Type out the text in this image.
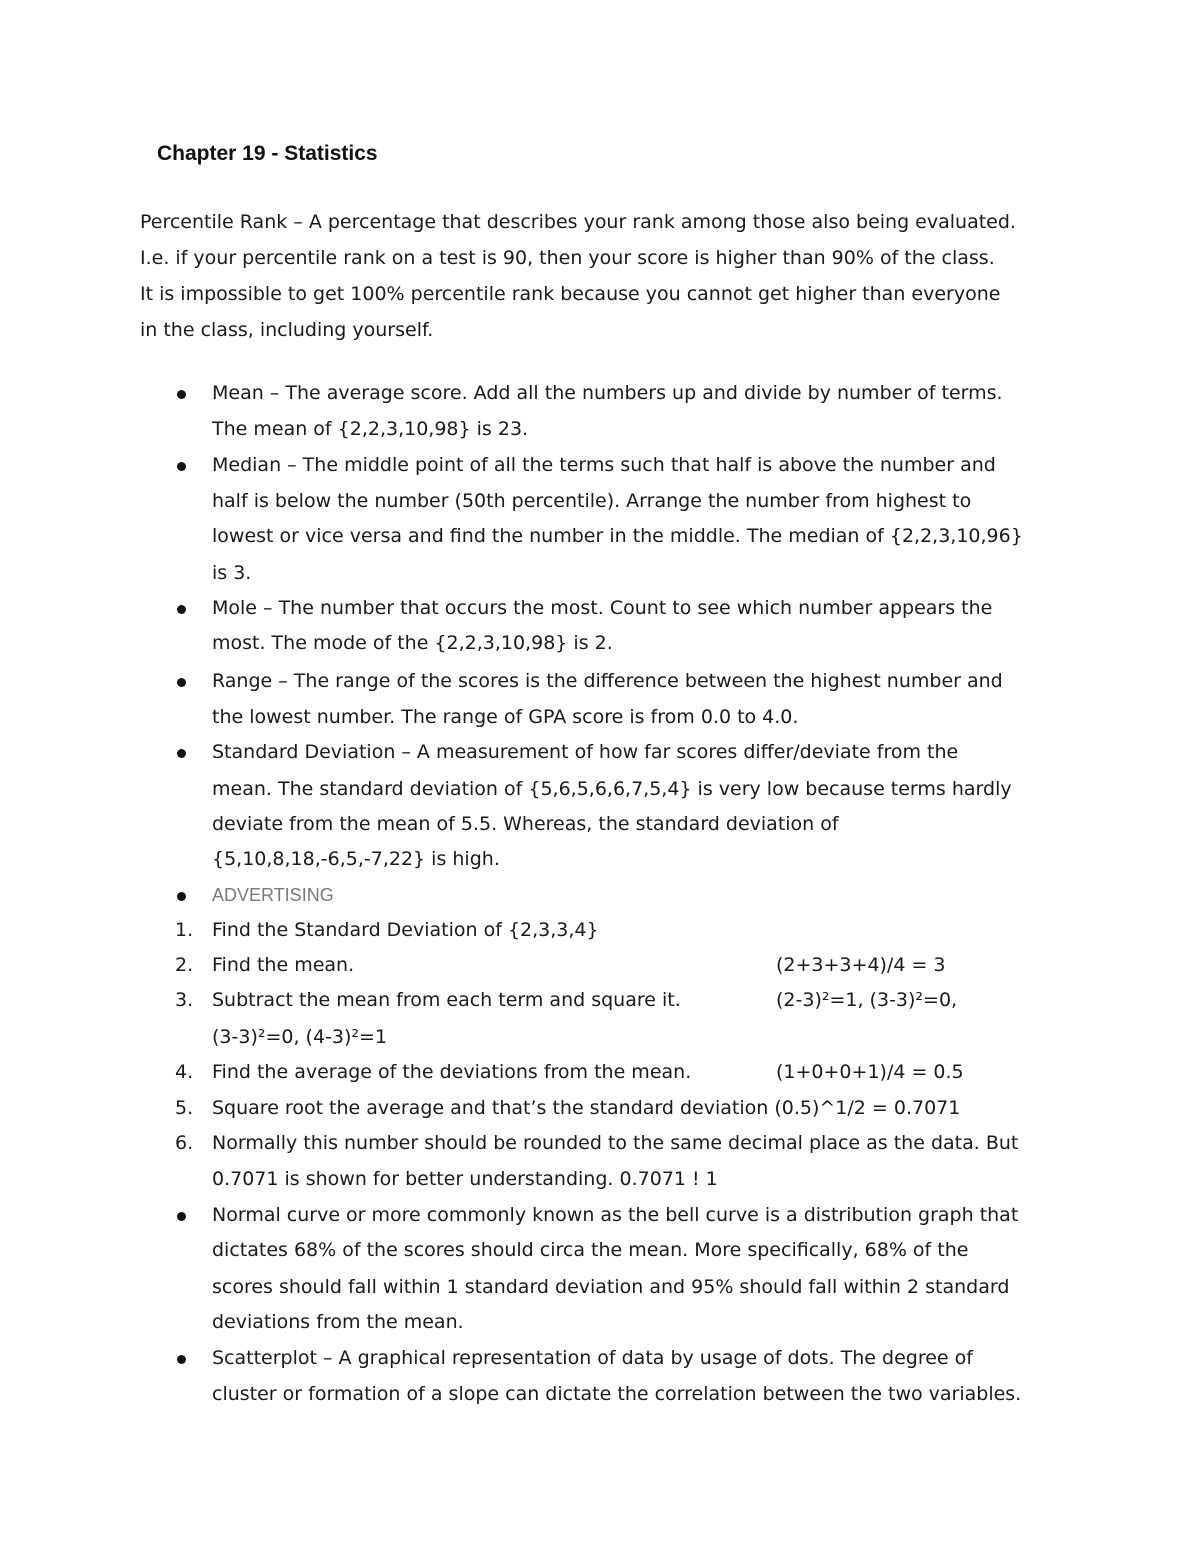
Chapter 19 - Statistics
Percentile Rank – A percentage that describes your rank among those also being evaluated.
I.e. if your percentile rank on a test is 90, then your score is higher than 90% of the class.
It is impossible to get 100% percentile rank because you cannot get higher than everyone
in the class, including yourself.
Mean – The average score. Add all the numbers up and divide by number of terms.
The mean of {2,2,3,10,98} is 23.
Median – The middle point of all the terms such that half is above the number and
half is below the number (50th percentile). Arrange the number from highest to
lowest or vice versa and find the number in the middle. The median of {2,2,3,10,96}
is 3.
Mole – The number that occurs the most. Count to see which number appears the
most. The mode of the {2,2,3,10,98} is 2.
Range – The range of the scores is the difference between the highest number and
the lowest number. The range of GPA score is from 0.0 to 4.0.
Standard Deviation – A measurement of how far scores differ/deviate from the
mean. The standard deviation of {5,6,5,6,6,7,5,4} is very low because terms hardly
deviate from the mean of 5.5. Whereas, the standard deviation of
{5,10,8,18,-6,5,-7,22} is high.
ADVERTISING
1. Find the Standard Deviation of {2,3,3,4}
2. Find the mean.	(2+3+3+4)/4 = 3
3. Subtract the mean from each term and square it.	(2-3)²=1, (3-3)²=0,
(3-3)²=0, (4-3)²=1
4. Find the average of the deviations from the mean.	(1+0+0+1)/4 = 0.5
5. Square root the average and that’s the standard deviation (0.5)^1/2 = 0.7071
6. Normally this number should be rounded to the same decimal place as the data. But
0.7071 is shown for better understanding. 0.7071 ! 1
Normal curve or more commonly known as the bell curve is a distribution graph that
dictates 68% of the scores should circa the mean. More specifically, 68% of the
scores should fall within 1 standard deviation and 95% should fall within 2 standard
deviations from the mean.
Scatterplot – A graphical representation of data by usage of dots. The degree of
cluster or formation of a slope can dictate the correlation between the two variables.
